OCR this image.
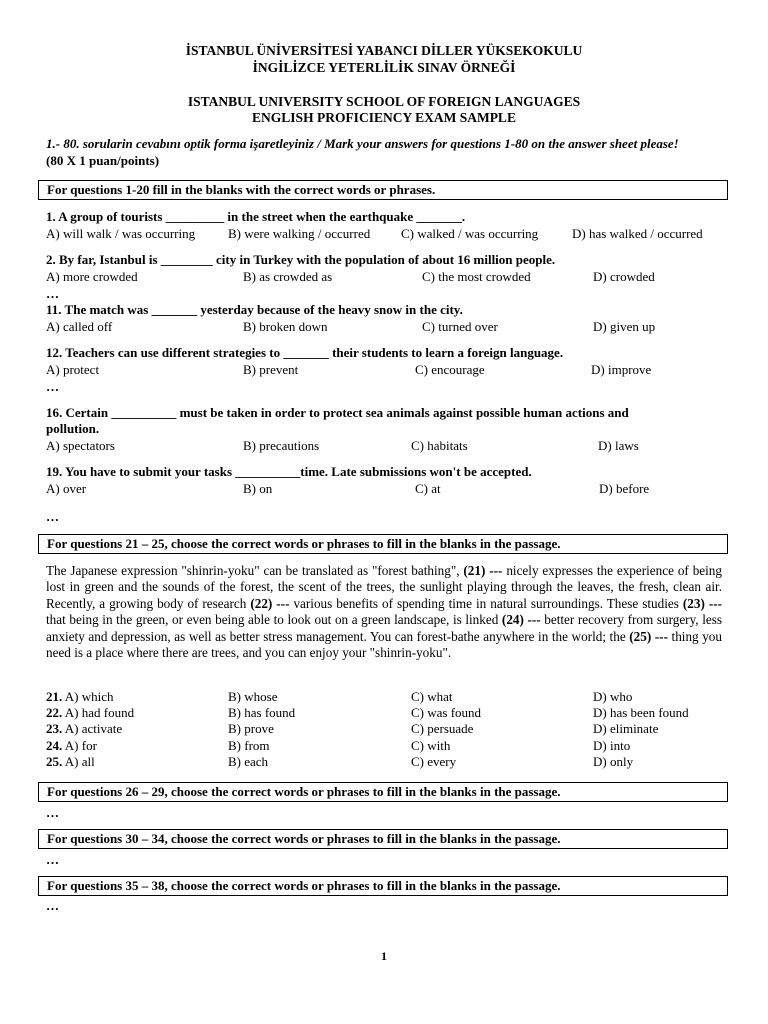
İSTANBUL ÜNİVERSİTESİ YABANCI DİLLER YÜKSEKOKULU
İNGİLİZCE YETERLİLİK SINAV ÖRNEĞİ
ISTANBUL UNIVERSITY SCHOOL OF FOREIGN LANGUAGES
ENGLISH PROFICIENCY EXAM SAMPLE
1.- 80. sorularin cevabını optik forma işaretleyiniz / Mark your answers for questions 1-80 on the answer sheet please!
(80 X 1 puan/points)
For questions 1-20 fill in the blanks with the correct words or phrases.
1. A group of tourists _________ in the street when the earthquake _______.
A) will walk / was occurring	B) were walking / occurred C) walked / was occurring	D) has walked / occurred
2. By far, Istanbul is ________ city in Turkey with the population of about 16 million people.
A) more crowded	B) as crowded as	C) the most crowded	D) crowded
…
11. The match was _______ yesterday because of the heavy snow in the city.
A) called off	B) broken down	C) turned over	D) given up
12. Teachers can use different strategies to _______ their students to learn a foreign language.
A) protect	B) prevent	C) encourage	D) improve
…
16. Certain __________ must be taken in order to protect sea animals against possible human actions and
pollution.
A) spectators	B) precautions	C) habitats	D) laws
19. You have to submit your tasks __________time. Late submissions won't be accepted.
A) over	B) on	C) at	D) before
…
For questions 21 – 25, choose the correct words or phrases to fill in the blanks in the passage.
The Japanese expression "shinrin-yoku" can be translated as "forest bathing", (21) --- nicely expresses the experience of being lost in green and the sounds of the forest, the scent of the trees, the sunlight playing through the leaves, the fresh, clean air. Recently, a growing body of research (22) --- various benefits of spending time in natural surroundings. These studies (23) ---    that being in the green, or even being able to look out on a green landscape, is linked (24) --- better recovery from surgery, less anxiety and depression, as well as better stress management. You can forest-bathe anywhere in the world; the (25) --- thing you need is a place where there are trees, and you can enjoy your "shinrin-yoku".
21. A) which	B) whose	C) what	D) who
22. A) had found	B) has found	C) was found	D) has been found
23. A) activate	B) prove	C) persuade	D) eliminate
24. A) for	B) from	C) with	D) into
25. A) all	B) each	C) every	D) only
For questions 26 – 29, choose the correct words or phrases to fill in the blanks in the passage.
…
For questions 30 – 34, choose the correct words or phrases to fill in the blanks in the passage.
…
For questions 35 – 38, choose the correct words or phrases to fill in the blanks in the passage.
…
1
